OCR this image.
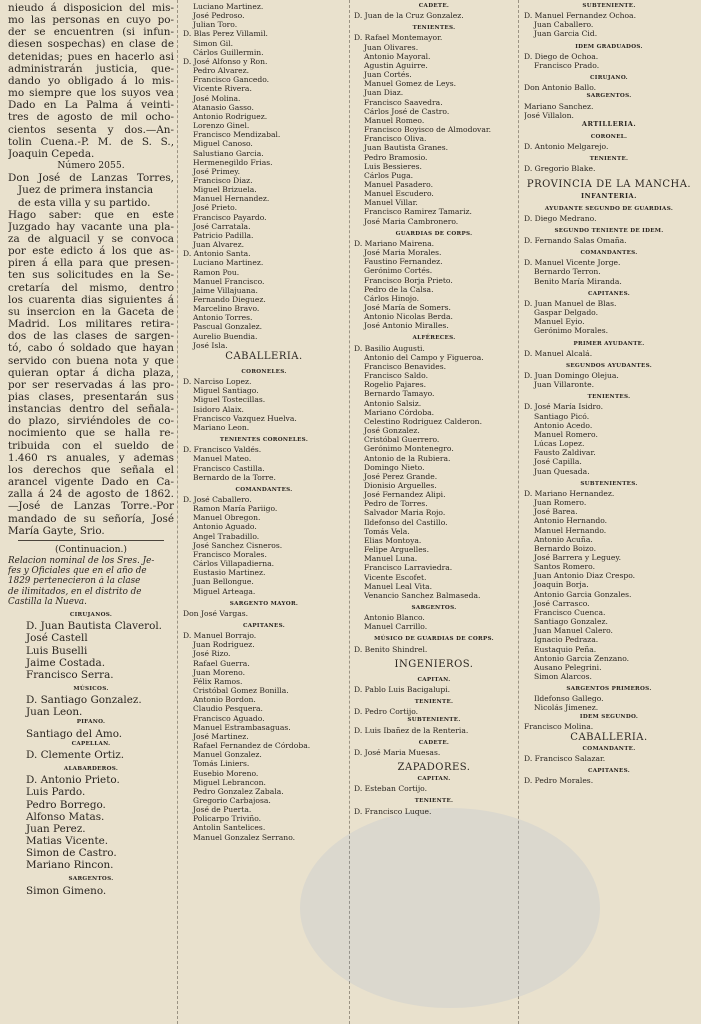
nieudo á disposicion del mis-
mo las personas en cuyo po-
der se encuentren (si infun-
diesen sospechas) en clase de
detenidas; pues en hacerlo asi
administrarán justicia, que-
dando yo obligado á lo mis-
mo siempre que los suyos vea
Dado en La Palma á veinti-
tres de agosto de mil ocho-
cientos sesenta y dos.—An-
tolin Cuena.-P. M. de S. S.,
Joaquin Cepeda.
Número 2055.
Don José de Lanzas Torres,
Juez de primera instancia
de esta villa y su partido.
Hago saber: que en este
Juzgado hay vacante una pla-
za de alguacil y se convoca
por este edicto á los que as-
piren á ella para que presen-
ten sus solicitudes en la Se-
cretaría del mismo, dentro
los cuarenta dias siguientes á
su insercion en la Gaceta de
Madrid. Los militares retira-
dos de las clases de sargen-
tó, cabo ó soldado que hayan
servido con buena nota y que
quieran optar á dicha plaza,
por ser reservadas á las pro-
pias clases, presentarán sus
instancias dentro del señala-
do plazo, sirviéndoles de co-
nocimiento que se halla re-
tribuida con el sueldo de
1.460 rs anuales, y ademas
los derechos que señala el
arancel vigente Dado en Ca-
zalla á 24 de agosto de 1862.
—José de Lanzas Torre.-Por
mandado de su señoría, José
María Gayte, Srio.
(Continuacion.)
Relacion nominal de los Sres. Je-
fes y Oficiales que en el año de
1829 pertenecieron á la clase
de ilimitados, en el distrito de
Castilla la Nueva.
CIRUJANOS.
D. Juan Bautista Claverol.
José Castell
Luis Buselli
Jaime Costada.
Francisco Serra.
MÚSICOS.
D. Santiago Gonzalez.
Juan Leon.
PIFANO.
Santiago del Amo.
CAPELLAN.
D. Clemente Ortiz.
ALABARDEROS.
D. Antonio Prieto.
Luis Pardo.
Pedro Borrego.
Alfonso Matas.
Juan Perez.
Matias Vicente.
Simon de Castro.
Mariano Rincon.
SARGENTOS.
Simon Gimeno.
Luciano Martinez.
José Pedroso.
Julian Toro.
D. Blas Perez Villamil.
Simon Gil.
Cárlos Guillermin.
D. José Alfonso y Ron.
Pedro Alvarez.
Francisco Gancedo.
Vicente Rivera.
José Molina.
Atanasio Gasso.
Antonio Rodriguez.
Lorenzo Ginel.
Francisco Mendizabal.
Miguel Canoso.
Salustiano Garcia.
Hermenegildo Frias.
José Primey.
Francisco Diaz.
Miguel Brizuela.
Manuel Hernandez.
José Prieto.
Francisco Payardo.
José Carratala.
Patricio Padilla.
Juan Alvarez.
D. Antonio Santa.
Luciano Martinez.
Ramon Pou.
Manuel Francisco.
Jaime Villajuana.
Fernando Dieguez.
Marcelino Bravo.
Antonio Torres.
Pascual Gonzalez.
Aurelio Buendia.
José Isla.
CABALLERIA.
CORONELES.
D. Narciso Lopez.
Miguel Santiago.
Miguel Tostecillas.
Isidoro Alaix.
Francisco Vazquez Huelva.
Mariano Leon.
TENIENTES CORONELES.
D. Francisco Valdés.
Manuel Mateo.
Francisco Castilla.
Bernardo de la Torre.
COMANDANTES.
D. José Caballero.
Ramon María Pariigo.
Manuel Obregon.
Antonio Aguado.
Angel Trabadillo.
José Sanchez Cisneros.
Francisco Morales.
Cárlos Villapadierna.
Eustasio Martinez.
Juan Bellongue.
Miguel Arteaga.
SARGENTO MAYOR.
Don José Vargas.
CAPITANES.
D. Manuel Borrajo.
Juan Rodriguez.
José Rizo.
Rafael Guerra.
Juan Moreno.
Félix Ramos.
Cristóbal Gomez Bonilla.
Antonio Bordon.
Claudio Pesquera.
Francisco Aguado.
Manuel Estrambasaguas.
José Martinez.
Rafael Fernandez de Córdoba.
Manuel Gonzalez.
Tomás Liniers.
Eusebio Moreno.
Miguel Lebrancon.
Pedro Gonzalez Zabala.
Gregorio Carbajosa.
José de Puerta.
Policarpo Triviño.
Antolin Santelices.
Manuel Gonzalez Serrano.
CADETE.
D. Juan de la Cruz Gonzalez.
TENIENTES.
D. Rafael Montemayor.
Juan Olivares.
Antonio Mayoral.
Agustin Aguirre.
Juan Cortés.
Manuel Gomez de Leys.
Juan Diaz.
Francisco Saavedra.
Cárlos José de Castro.
Manuel Romeo.
Francisco Boyisco de Almodovar.
Francisco Oliva.
Juan Bautista Granes.
Pedro Bramosio.
Luis Bessieres.
Cárlos Puga.
Manuel Pasadero.
Manuel Escudero.
Manuel Villar.
Francisco Ramirez Tamariz.
José Maria Cambronero.
GUARDIAS DE CORPS.
D. Mariano Mairena.
José Maria Morales.
Faustino Fernandez.
Gerónimo Cortés.
Francisco Borja Prieto.
Pedro de la Calsa.
Cárlos Hinojo.
José María de Somers.
Antonio Nicolas Berda.
José Antonio Miralles.
ALFÉRECES.
D. Basilio Augusti.
Antonio del Campo y Figueroa.
Francisco Benavides.
Francisco Saldo.
Rogelio Pajares.
Bernardo Tamayo.
Antonio Salsiz.
Mariano Córdoba.
Celestino Rodriguez Calderon.
José Gonzalez.
Cristóbal Guerrero.
Gerónimo Montenegro.
Antonio de la Rubiera.
Domingo Nieto.
José Perez Grande.
Dionisio Arguelles.
José Fernandez Alipi.
Pedro de Torres.
Salvador Maria Rojo.
Ildefonso del Castillo.
Tomás Vela.
Elias Montoya.
Felipe Arguelles.
Manuel Luna.
Francisco Larraviedra.
Vicente Escofet.
Manuel Leal Vita.
Venancio Sanchez Balmaseda.
SARGENTOS.
Antonio Blanco.
Manuel Carrillo.
MÚSICO DE GUARDIAS DE CORPS.
D. Benito Shindrel.
INGENIEROS.
CAPITAN.
D. Pablo Luis Bacigalupi.
TENIENTE.
D. Pedro Cortijo.
SUBTENIENTE.
D. Luis Ibañez de la Renteria.
CADETE.
D. José Maria Muesas.
ZAPADORES.
CAPITAN.
D. Esteban Cortijo.
TENIENTE.
D. Francisco Luque.
SUBTENIENTE.
D. Manuel Fernandez Ochoa.
Juan Caballero.
Juan Garcia Cid.
IDEM GRADUADOS.
D. Diego de Ochoa.
Francisco Prado.
CIRUJANO.
Don Antonio Ballo.
SARGENTOS.
Mariano Sanchez.
José Villalon.
ARTILLERIA.
CORONEL.
D. Antonio Melgarejo.
TENIENTE.
D. Gregorio Blake.
PROVINCIA DE LA MANCHA.
INFANTERIA.
AYUDANTE SEGUNDO DE GUARDIAS.
D. Diego Medrano.
SEGUNDO TENIENTE DE IDEM.
D. Fernando Salas Omaña.
COMANDANTES.
D. Manuel Vicente Jorge.
Bernardo Terron.
Benito María Miranda.
CAPITANES.
D. Juan Manuel de Blas.
Gaspar Delgado.
Manuel Eyio.
Gerónimo Morales.
PRIMER AYUDANTE.
D. Manuel Alcalá.
SEGUNDOS AYUDANTES.
D. Juan Domingo Olejua.
Juan Villaronte.
TENIENTES.
D. José María Isidro.
Santiago Picó.
Antonio Acedo.
Manuel Romero.
Lúcas Lopez.
Fausto Zaldivar.
José Capilla.
Juan Quesada.
SUBTENIENTES.
D. Mariano Hernandez.
Juan Romero.
José Barea.
Antonio Hernando.
Manuel Hernando.
Antonio Acuña.
Bernardo Boizo.
José Barrera y Leguey.
Santos Romero.
Juan Antonio Diaz Crespo.
Joaquin Borja.
Antonio Garcia Gonzales.
José Carrasco.
Francisco Cuenca.
Santiago Gonzalez.
Juan Manuel Calero.
Ignacio Pedraza.
Eustaquio Peña.
Antonio Garcia Zenzano.
Ausano Pelegrini.
Simon Alarcos.
SARGENTOS PRIMEROS.
Ildefonso Gallego.
Nicolás Jimenez.
IDEM SEGUNDO.
Francisco Molina.
CABALLERIA.
COMANDANTE.
D. Francisco Salazar.
CAPITANES.
D. Pedro Morales.
